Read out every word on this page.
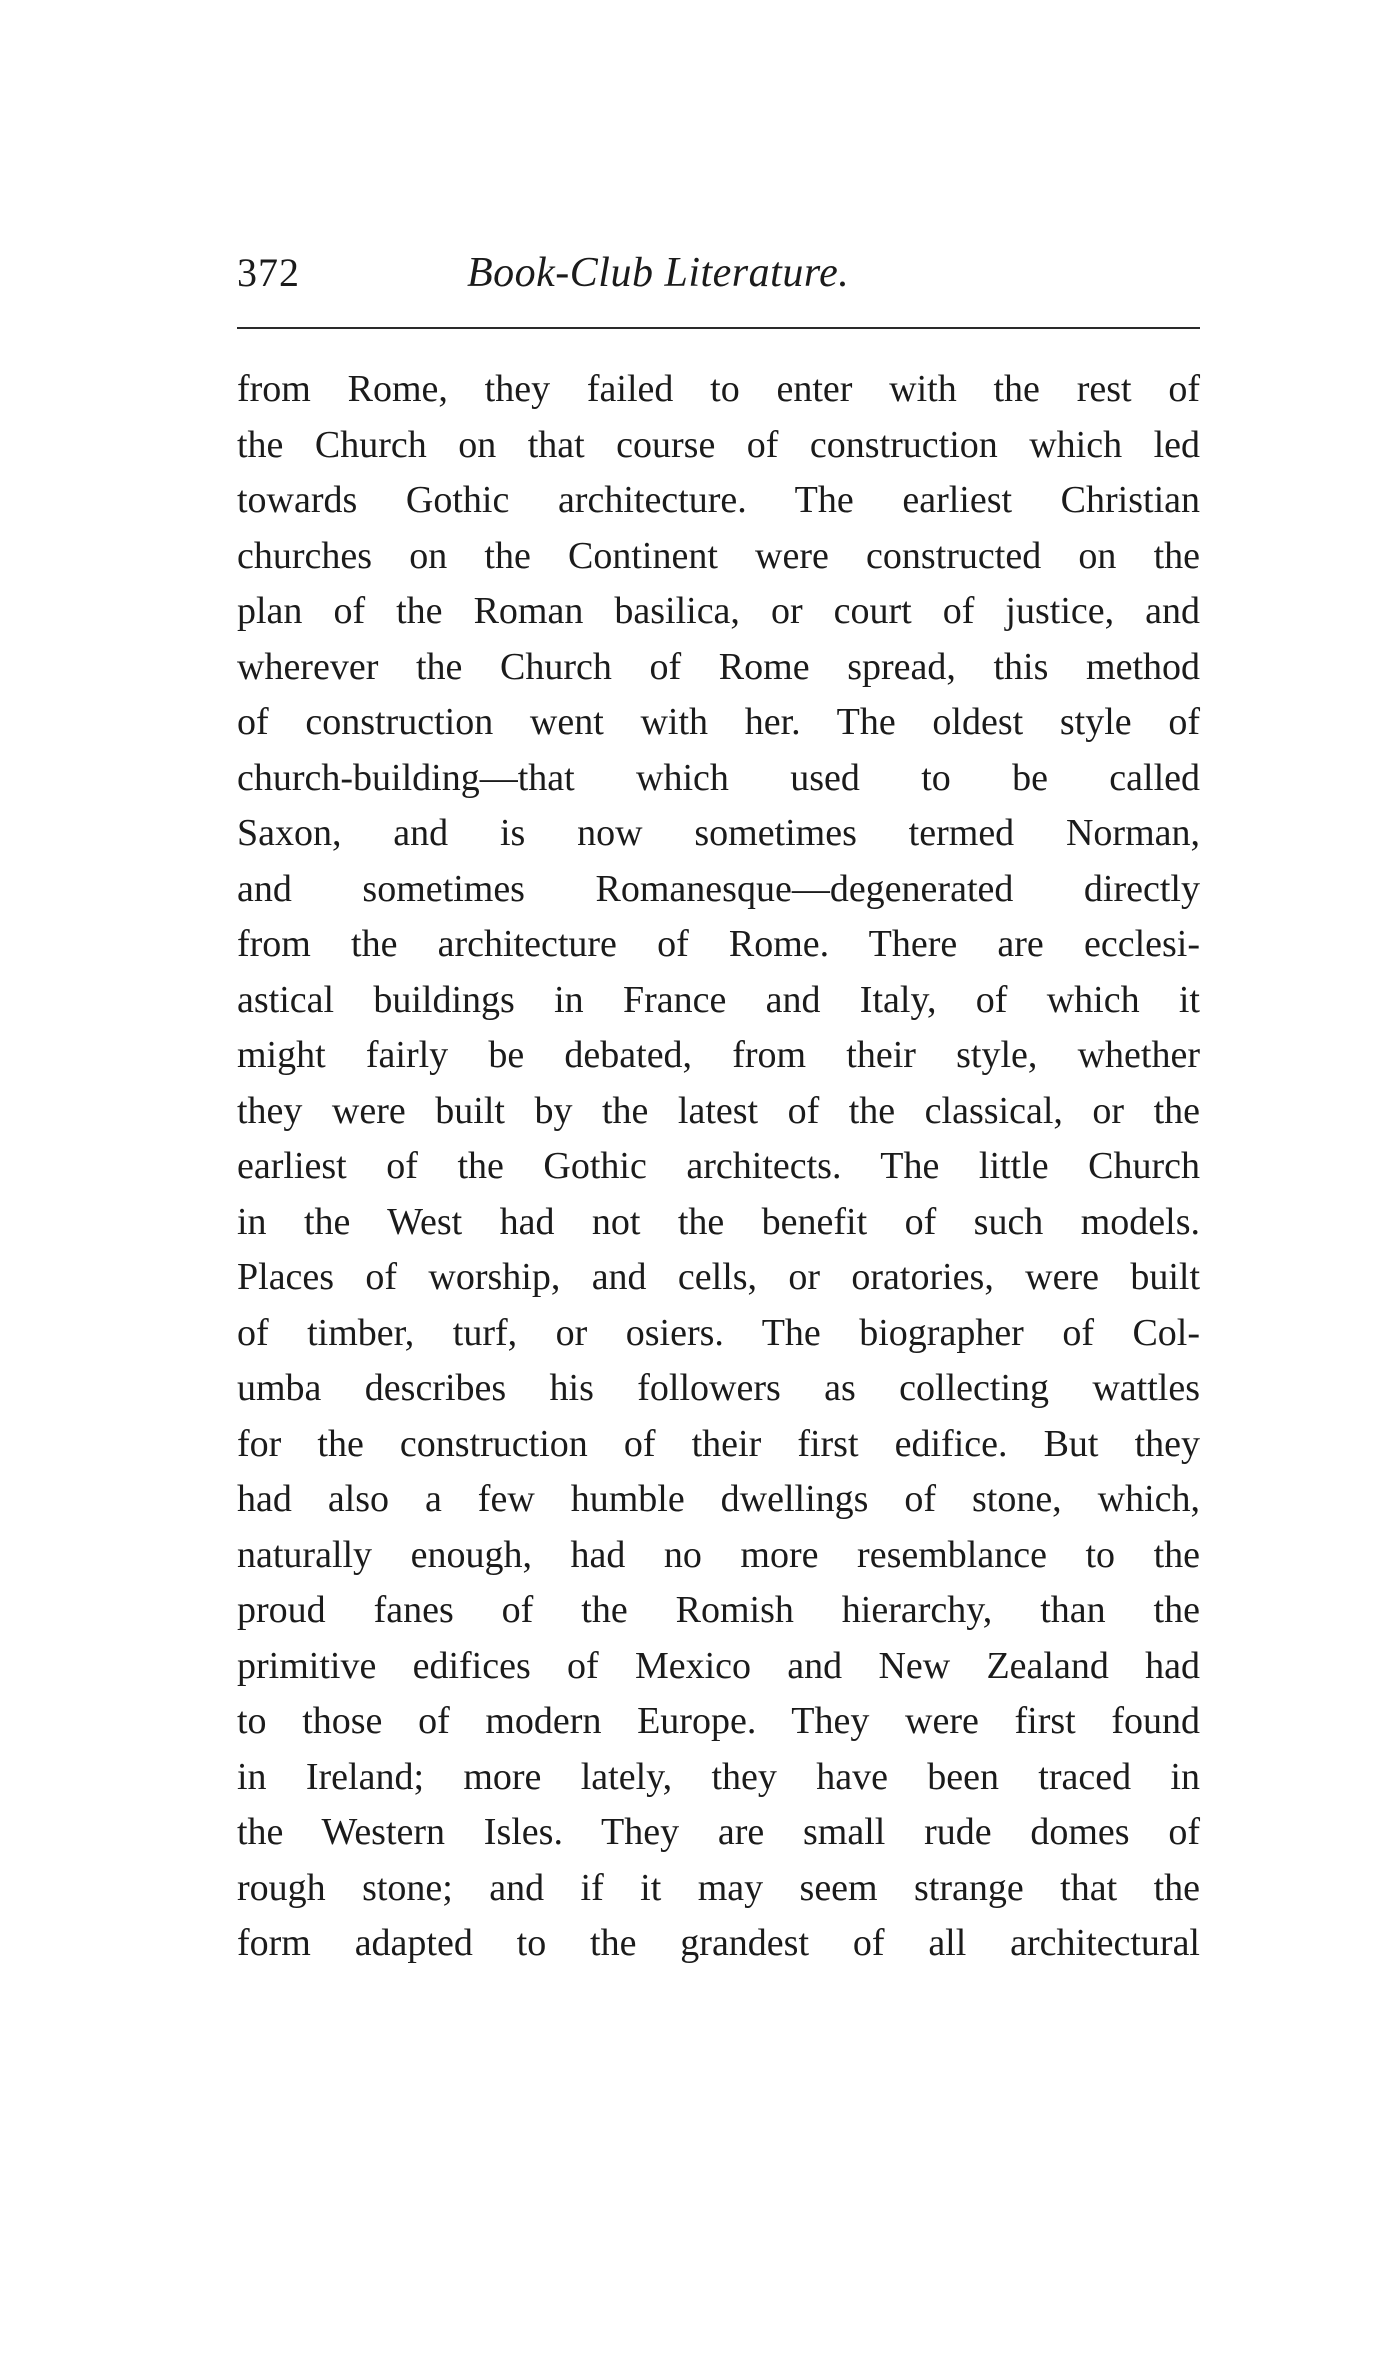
372	Book-Club Literature.
from Rome, they failed to enter with the rest of
the Church on that course of construction which led
towards Gothic architecture. The earliest Christian
churches on the Continent were constructed on the
plan of the Roman basilica, or court of justice, and
wherever the Church of Rome spread, this method
of construction went with her. The oldest style of
church-building—that which used to be called
Saxon, and is now sometimes termed Norman,
and sometimes Romanesque—degenerated directly
from the architecture of Rome. There are ecclesi-
astical buildings in France and Italy, of which it
might fairly be debated, from their style, whether
they were built by the latest of the classical, or the
earliest of the Gothic architects. The little Church
in the West had not the benefit of such models.
Places of worship, and cells, or oratories, were built
of timber, turf, or osiers. The biographer of Col-
umba describes his followers as collecting wattles
for the construction of their first edifice. But they
had also a few humble dwellings of stone, which,
naturally enough, had no more resemblance to the
proud fanes of the Romish hierarchy, than the
primitive edifices of Mexico and New Zealand had
to those of modern Europe. They were first found
in Ireland; more lately, they have been traced in
the Western Isles. They are small rude domes of
rough stone; and if it may seem strange that the
form adapted to the grandest of all architectural
